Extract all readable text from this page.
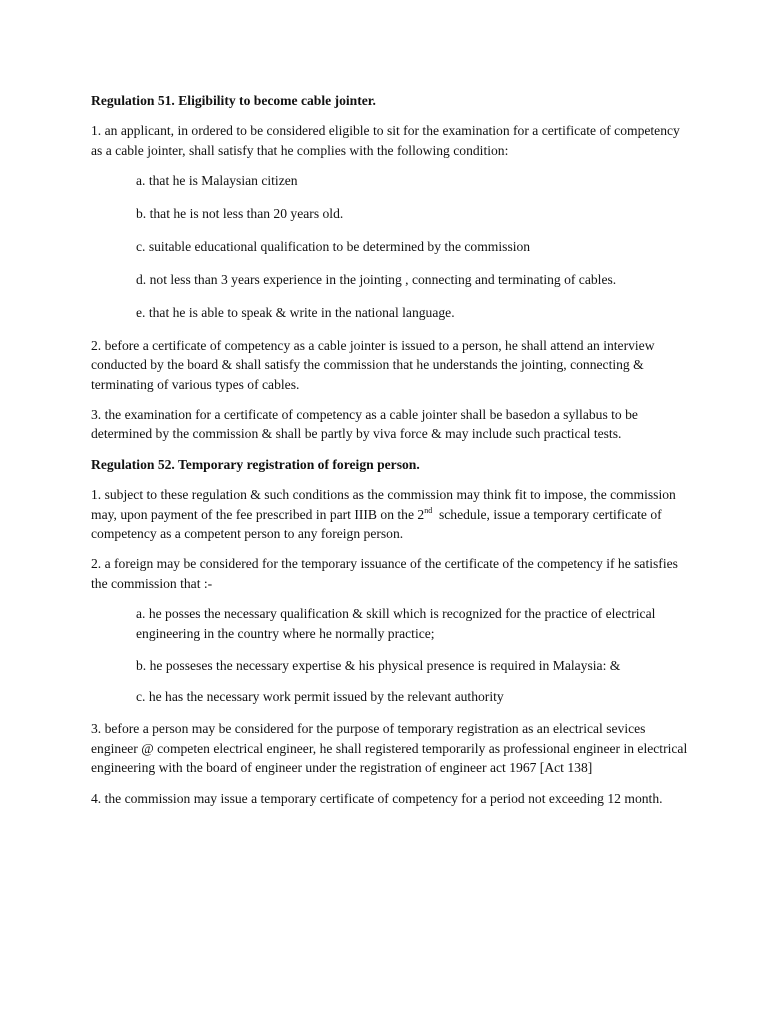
Regulation 51. Eligibility to become cable jointer.

1. an applicant, in ordered to be considered eligible to sit for the examination for a certificate of competency as a cable jointer, shall satisfy that he complies with the following condition:

a. that he is Malaysian citizen

b. that he is not less than 20 years old.

c. suitable educational qualification to be determined by the commission

d. not less than 3 years experience in the jointing , connecting and terminating of cables.

e. that he is able to speak & write in the national language.

2. before a certificate of competency as a cable jointer is issued to a person, he shall attend an interview conducted by the board & shall satisfy the commission that he understands the jointing, connecting & terminating of various types of cables.

3. the examination for a certificate of competency as a cable jointer shall be basedon a syllabus to be determined by the commission & shall be partly by viva force & may include such practical tests.

Regulation 52. Temporary registration of foreign person.

1. subject to these regulation & such conditions as the commission may think fit to impose, the commission may, upon payment of the fee prescribed in part IIIB on the 2nd  schedule, issue a temporary certificate of competency as a competent person to any foreign person.

2. a foreign may be considered for the temporary issuance of the certificate of the competency if he satisfies the commission that :-

a. he posses the necessary qualification & skill which is recognized for the practice of electrical engineering in the country where he normally practice;

b. he posseses the necessary expertise & his physical presence is required in Malaysia: &

c. he has the necessary work permit issued by the relevant authority

3. before a person may be considered for the purpose of temporary registration as an electrical sevices engineer @ competen electrical engineer, he shall registered temporarily as professional engineer in electrical engineering with the board of engineer under the registration of engineer act 1967 [Act 138]

4. the commission may issue a temporary certificate of competency for a period not exceeding 12 month.
